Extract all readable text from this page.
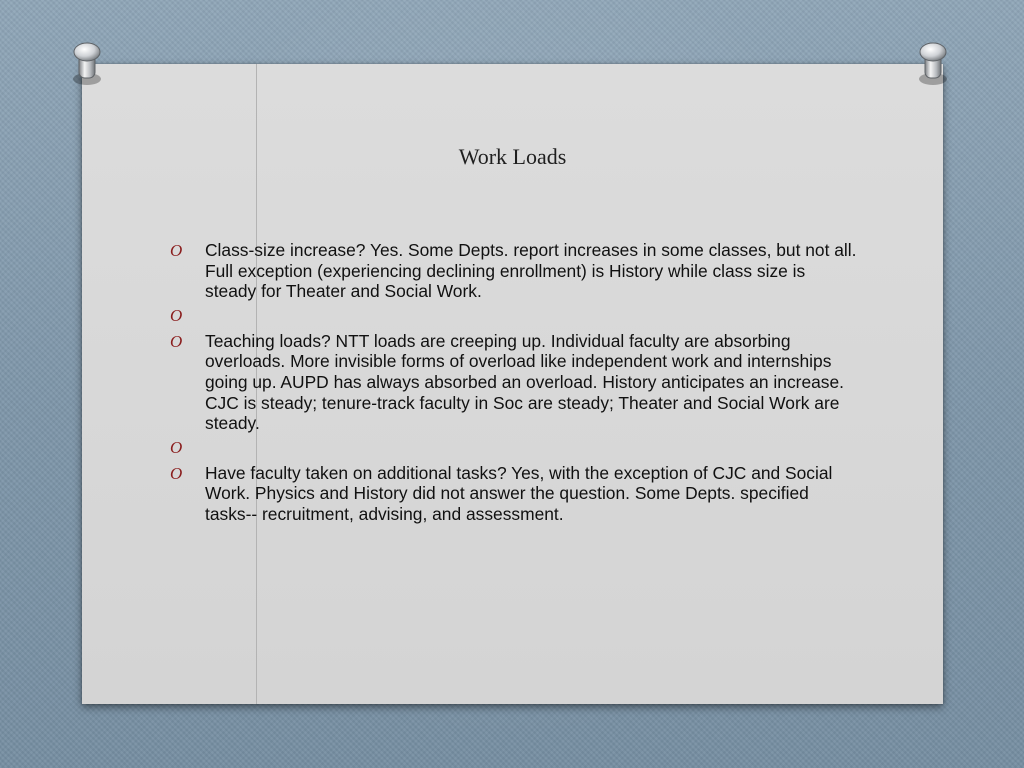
Work Loads
O Class-size increase? Yes. Some Depts. report increases in some classes, but not all. Full exception (experiencing declining enrollment) is History while class size is steady for Theater and Social Work.
O
O Teaching loads? NTT loads are creeping up. Individual faculty are absorbing overloads. More invisible forms of overload like independent work and internships going up. AUPD has always absorbed an overload. History anticipates an increase. CJC is steady; tenure-track faculty in Soc are steady; Theater and Social Work are steady.
O
O Have faculty taken on additional tasks? Yes, with the exception of CJC and Social Work. Physics and History did not answer the question. Some Depts. specified tasks-- recruitment, advising, and assessment.
